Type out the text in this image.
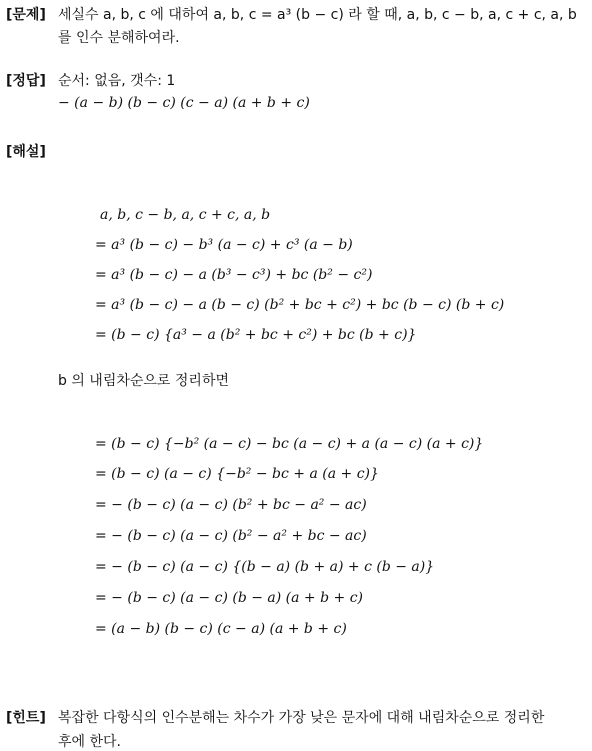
[문제] 세실수 a, b, c 에 대하여 a, b, c = a³ (b − c) 라 할 때, a, b, c − b, a, c + c, a, b
를 인수 분해하여라.
[정답] 순서: 없음, 갯수: 1
− (a − b) (b − c) (c − a) (a + b + c)
[해설]
a, b, c − b, a, c + c, a, b
= a³ (b − c) − b³ (a − c) + c³ (a − b)
= a³ (b − c) − a (b³ − c³) + bc (b² − c²)
= a³ (b − c) − a (b − c) (b² + bc + c²) + bc (b − c) (b + c)
= (b − c) {a³ − a (b² + bc + c²) + bc (b + c)}
b 의 내림차순으로 정리하면
= (b − c) {−b² (a − c) − bc (a − c) + a (a − c) (a + c)}
= (b − c) (a − c) {−b² − bc + a (a + c)}
= − (b − c) (a − c) (b² + bc − a² − ac)
= − (b − c) (a − c) (b² − a² + bc − ac)
= − (b − c) (a − c) {(b − a) (b + a) + c (b − a)}
= − (b − c) (a − c) (b − a) (a + b + c)
= (a − b) (b − c) (c − a) (a + b + c)
[힌트] 복잡한 다항식의 인수분해는 차수가 가장 낮은 문자에 대해 내림차순으로 정리한
후에 한다.
